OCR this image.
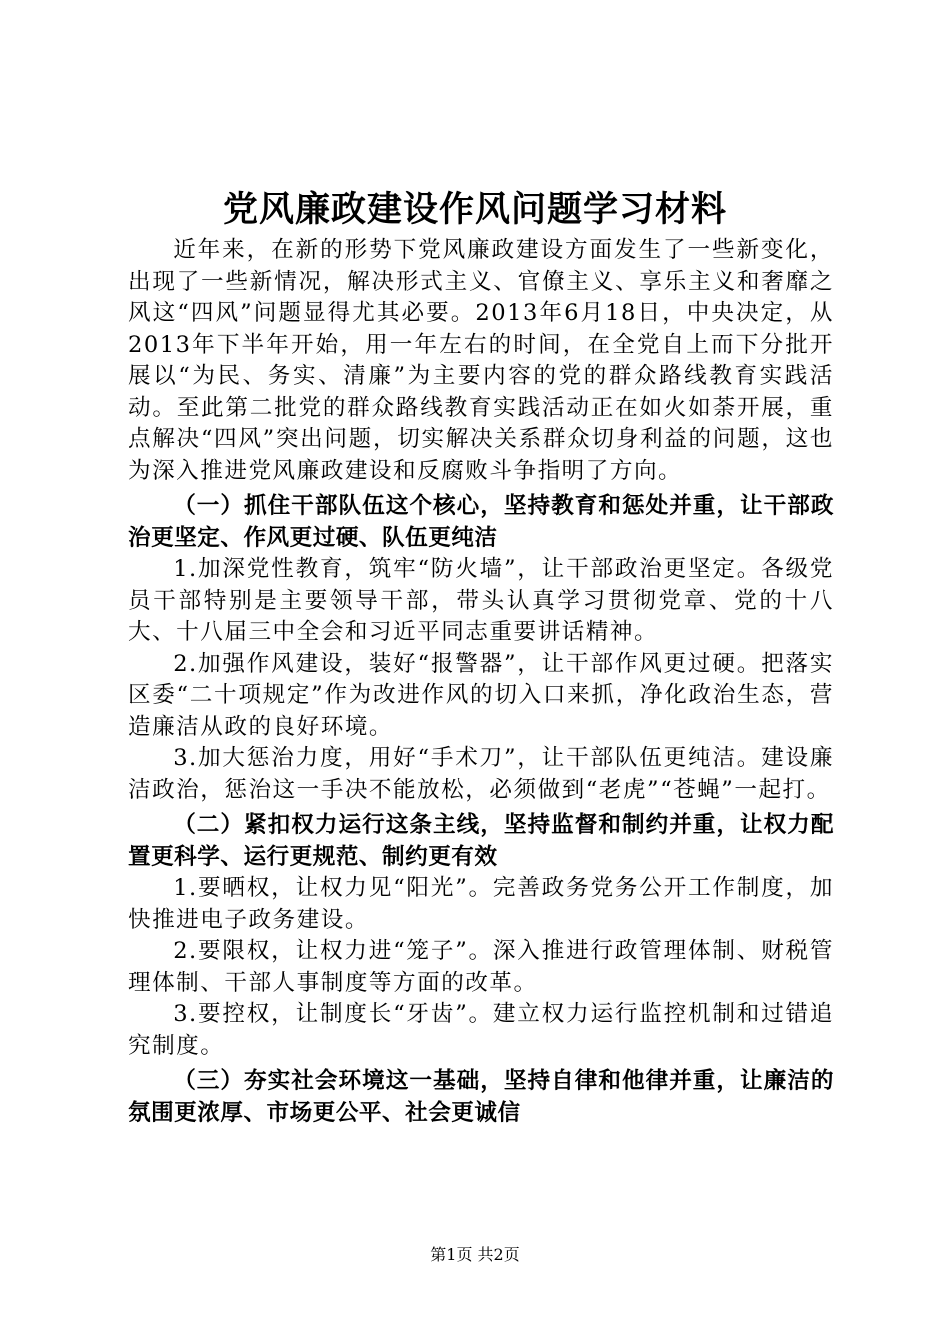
党风廉政建设作风问题学习材料

近年来，在新的形势下党风廉政建设方面发生了一些新变化，出现了一些新情况，解决形式主义、官僚主义、享乐主义和奢靡之风这“四风”问题显得尤其必要。2013年6月18日，中央决定，从2013年下半年开始，用一年左右的时间，在全党自上而下分批开展以“为民、务实、清廉”为主要内容的党的群众路线教育实践活动。至此第二批党的群众路线教育实践活动正在如火如荼开展，重点解决“四风”突出问题，切实解决关系群众切身利益的问题，这也为深入推进党风廉政建设和反腐败斗争指明了方向。

（一）抓住干部队伍这个核心，坚持教育和惩处并重，让干部政治更坚定、作风更过硬、队伍更纯洁

1.加深党性教育，筑牢“防火墙”，让干部政治更坚定。各级党员干部特别是主要领导干部，带头认真学习贯彻党章、党的十八大、十八届三中全会和习近平同志重要讲话精神。

2.加强作风建设，装好“报警器”，让干部作风更过硬。把落实区委“二十项规定”作为改进作风的切入口来抓，净化政治生态，营造廉洁从政的良好环境。

3.加大惩治力度，用好“手术刀”，让干部队伍更纯洁。建设廉洁政治，惩治这一手决不能放松，必须做到“老虎”“苍蝇”一起打。

（二）紧扣权力运行这条主线，坚持监督和制约并重，让权力配置更科学、运行更规范、制约更有效

1.要晒权，让权力见“阳光”。完善政务党务公开工作制度，加快推进电子政务建设。

2.要限权，让权力进“笼子”。深入推进行政管理体制、财税管理体制、干部人事制度等方面的改革。

3.要控权，让制度长“牙齿”。建立权力运行监控机制和过错追究制度。

（三）夯实社会环境这一基础，坚持自律和他律并重，让廉洁的氛围更浓厚、市场更公平、社会更诚信

第1页 共2页
